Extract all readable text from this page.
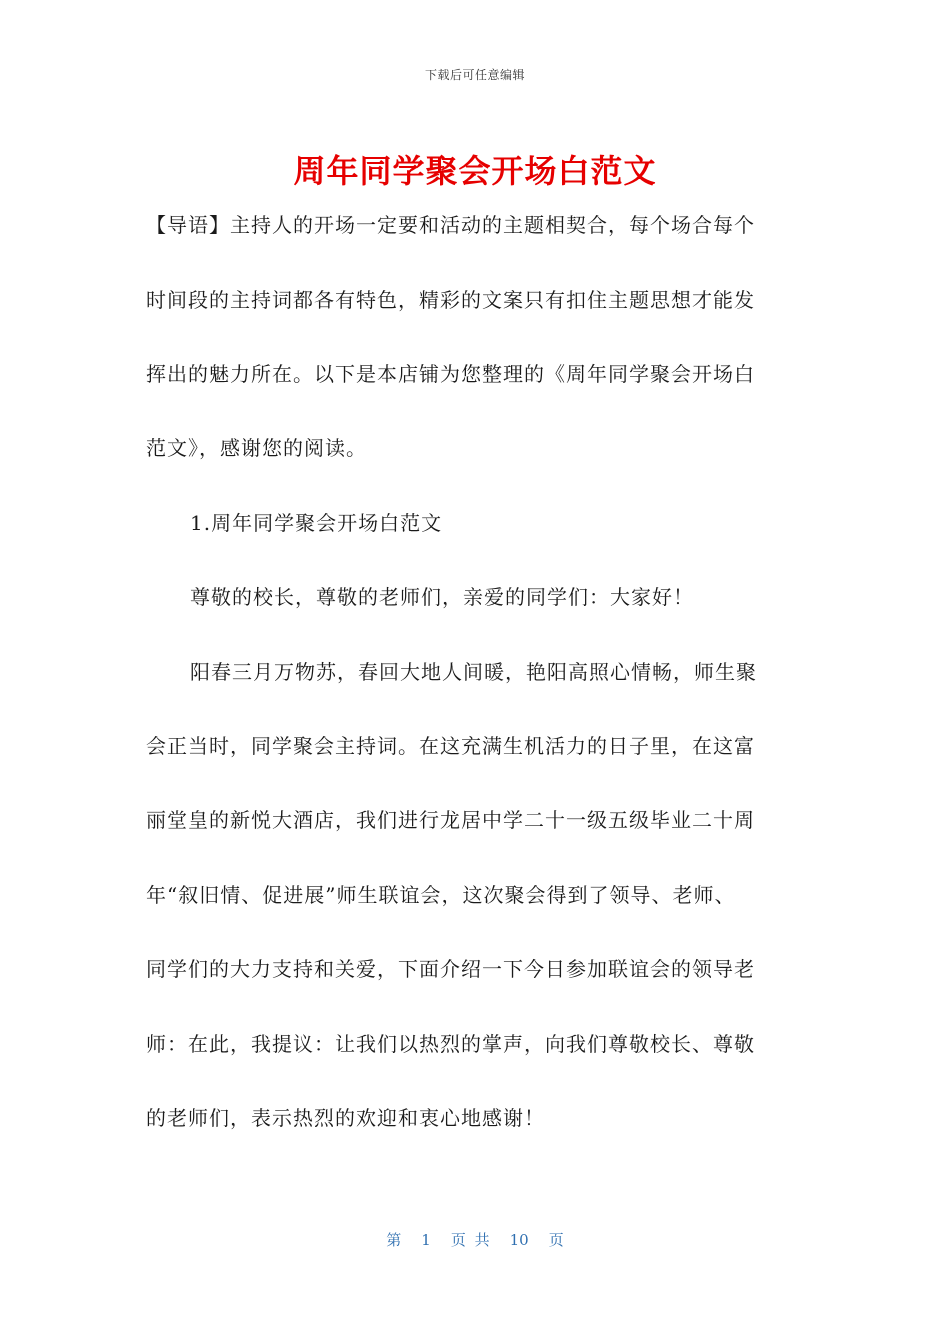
下载后可任意编辑
周年同学聚会开场白范文
【导语】主持人的开场一定要和活动的主题相契合，每个场合每个
时间段的主持词都各有特色，精彩的文案只有扣住主题思想才能发
挥出的魅力所在。以下是本店铺为您整理的《周年同学聚会开场白
范文》，感谢您的阅读。
1.周年同学聚会开场白范文
尊敬的校长，尊敬的老师们，亲爱的同学们：大家好！
阳春三月万物苏，春回大地人间暖，艳阳高照心情畅，师生聚
会正当时，同学聚会主持词。在这充满生机活力的日子里，在这富
丽堂皇的新悦大酒店，我们进行龙居中学二十一级五级毕业二十周
年“叙旧情、促进展”师生联谊会，这次聚会得到了领导、老师、
同学们的大力支持和关爱，下面介绍一下今日参加联谊会的领导老
师：在此，我提议：让我们以热烈的掌声，向我们尊敬校长、尊敬
的老师们，表示热烈的欢迎和衷心地感谢！
第 1 页 共 10 页
